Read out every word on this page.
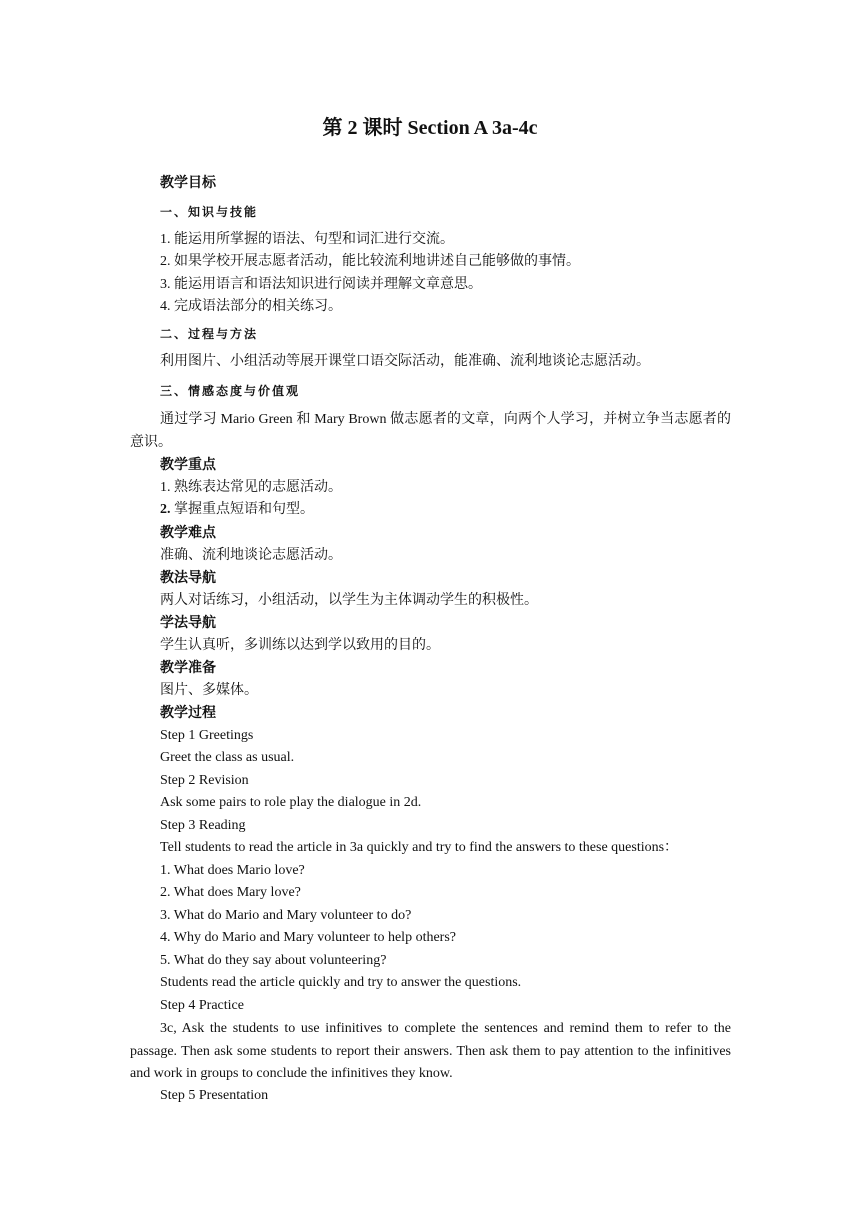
第 2 课时 Section A 3a-4c
教学目标
一、知识与技能
1. 能运用所掌握的语法、句型和词汇进行交流。
2. 如果学校开展志愿者活动，能比较流利地讲述自己能够做的事情。
3. 能运用语言和语法知识进行阅读并理解文章意思。
4. 完成语法部分的相关练习。
二、过程与方法
利用图片、小组活动等展开课堂口语交际活动，能准确、流利地谈论志愿活动。
三、情感态度与价值观
通过学习 Mario Green 和 Mary Brown 做志愿者的文章，向两个人学习，并树立争当志愿者的意识。
教学重点
1. 熟练表达常见的志愿活动。
2. 掌握重点短语和句型。
教学难点
准确、流利地谈论志愿活动。
教法导航
两人对话练习，小组活动，以学生为主体调动学生的积极性。
学法导航
学生认真听，多训练以达到学以致用的目的。
教学准备
图片、多媒体。
教学过程
Step 1 Greetings
Greet the class as usual.
Step 2 Revision
Ask some pairs to role play the dialogue in 2d.
Step 3 Reading
Tell students to read the article in 3a quickly and try to find the answers to these questions：
1. What does Mario love?
2. What does Mary love?
3. What do Mario and Mary volunteer to do?
4. Why do Mario and Mary volunteer to help others?
5. What do they say about volunteering?
Students read the article quickly and try to answer the questions.
Step 4 Practice
3c, Ask the students to use infinitives to complete the sentences and remind them to refer to the passage. Then ask some students to report their answers. Then ask them to pay attention to the infinitives and work in groups to conclude the infinitives they know.
Step 5 Presentation
